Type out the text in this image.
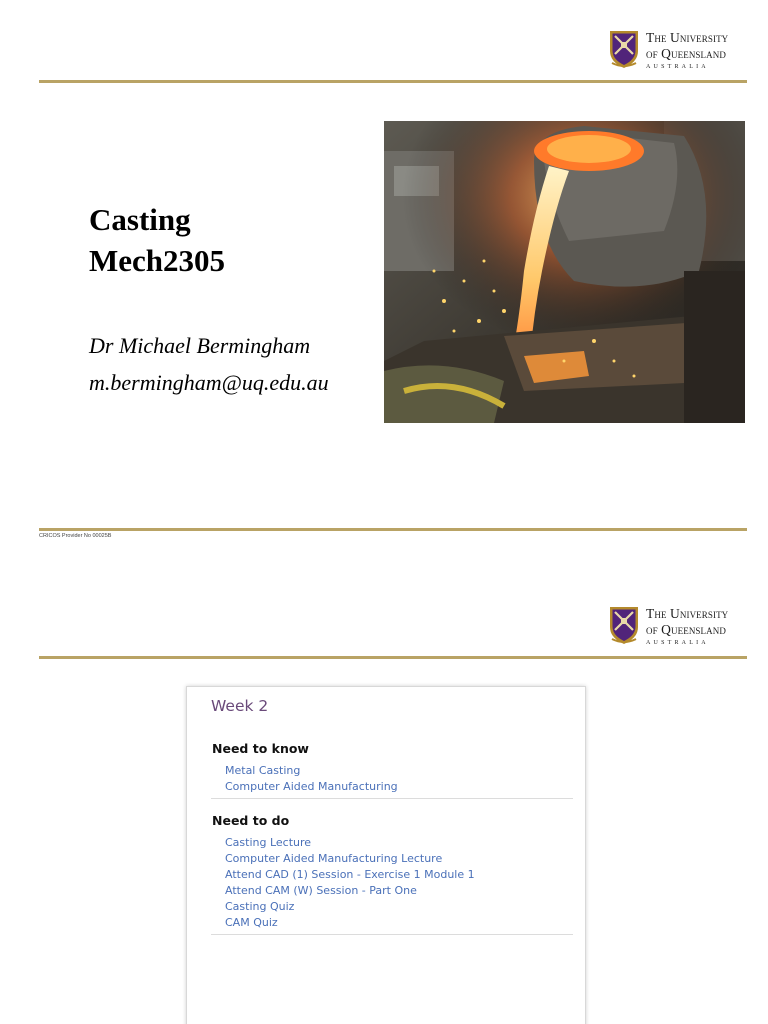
The University
of Queensland
AUSTRALIA
Casting
Mech2305
Dr Michael Bermingham
m.bermingham@uq.edu.au
CRICOS Provider No 00025B
The University
of Queensland
AUSTRALIA
Week 2
Need to know
Metal Casting
Computer Aided Manufacturing
Need to do
Casting Lecture
Computer Aided Manufacturing Lecture
Attend CAD (1) Session - Exercise 1 Module 1
Attend CAM (W) Session - Part One
Casting Quiz
CAM Quiz
